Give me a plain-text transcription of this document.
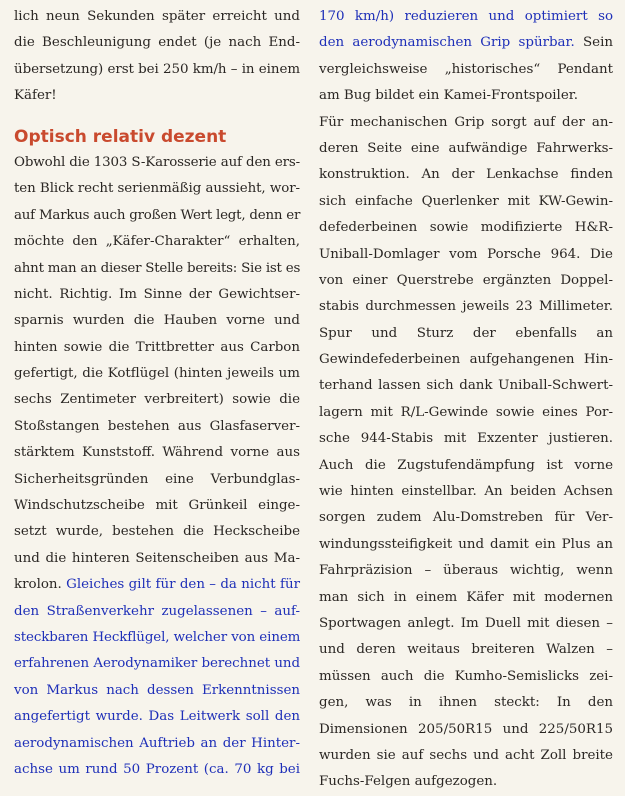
lich neun Sekunden später erreicht und
die Beschleunigung endet (je nach End-
übersetzung) erst bei 250 km/h – in einem
Käfer!
Optisch relativ dezent
Obwohl die 1303 S-Karosserie auf den ers-
ten Blick recht serienmäßig aussieht, wor-
auf Markus auch großen Wert legt, denn er
möchte den „Käfer-Charakter“ erhalten,
ahnt man an dieser Stelle bereits: Sie ist es
nicht. Richtig. Im Sinne der Gewichtser-
sparnis wurden die Hauben vorne und
hinten sowie die Trittbretter aus Carbon
gefertigt, die Kotflügel (hinten jeweils um
sechs Zentimeter verbreitert) sowie die
Stoßstangen bestehen aus Glasfaserver-
stärktem Kunststoff. Während vorne aus
Sicherheitsgründen eine Verbundglas-
Windschutzscheibe mit Grünkeil einge-
setzt wurde, bestehen die Heckscheibe
und die hinteren Seitenscheiben aus Ma-
krolon. Gleiches gilt für den – da nicht für
den Straßenverkehr zugelassenen – auf-
steckbaren Heckflügel, welcher von einem
erfahrenen Aerodynamiker berechnet und
von Markus nach dessen Erkenntnissen
angefertigt wurde. Das Leitwerk soll den
aerodynamischen Auftrieb an der Hinter-
achse um rund 50 Prozent (ca. 70 kg bei
170 km/h) reduzieren und optimiert so
den aerodynamischen Grip spürbar. Sein
vergleichsweise „historisches“ Pendant
am Bug bildet ein Kamei-Frontspoiler.
Für mechanischen Grip sorgt auf der an-
deren Seite eine aufwändige Fahrwerks-
konstruktion. An der Lenkachse finden
sich einfache Querlenker mit KW-Gewin-
defederbeinen sowie modifizierte H&R-
Uniball-Domlager vom Porsche 964. Die
von einer Querstrebe ergänzten Doppel-
stabis durchmessen jeweils 23 Millimeter.
Spur und Sturz der ebenfalls an
Gewindefederbeinen aufgehangenen Hin-
terhand lassen sich dank Uniball-Schwert-
lagern mit R/L-Gewinde sowie eines Por-
sche 944-Stabis mit Exzenter justieren.
Auch die Zugstufendämpfung ist vorne
wie hinten einstellbar. An beiden Achsen
sorgen zudem Alu-Domstreben für Ver-
windungssteifigkeit und damit ein Plus an
Fahrpräzision – überaus wichtig, wenn
man sich in einem Käfer mit modernen
Sportwagen anlegt. Im Duell mit diesen –
und deren weitaus breiteren Walzen –
müssen auch die Kumho-Semislicks zei-
gen, was in ihnen steckt: In den
Dimensionen 205/50R15 und 225/50R15
wurden sie auf sechs und acht Zoll breite
Fuchs-Felgen aufgezogen.
